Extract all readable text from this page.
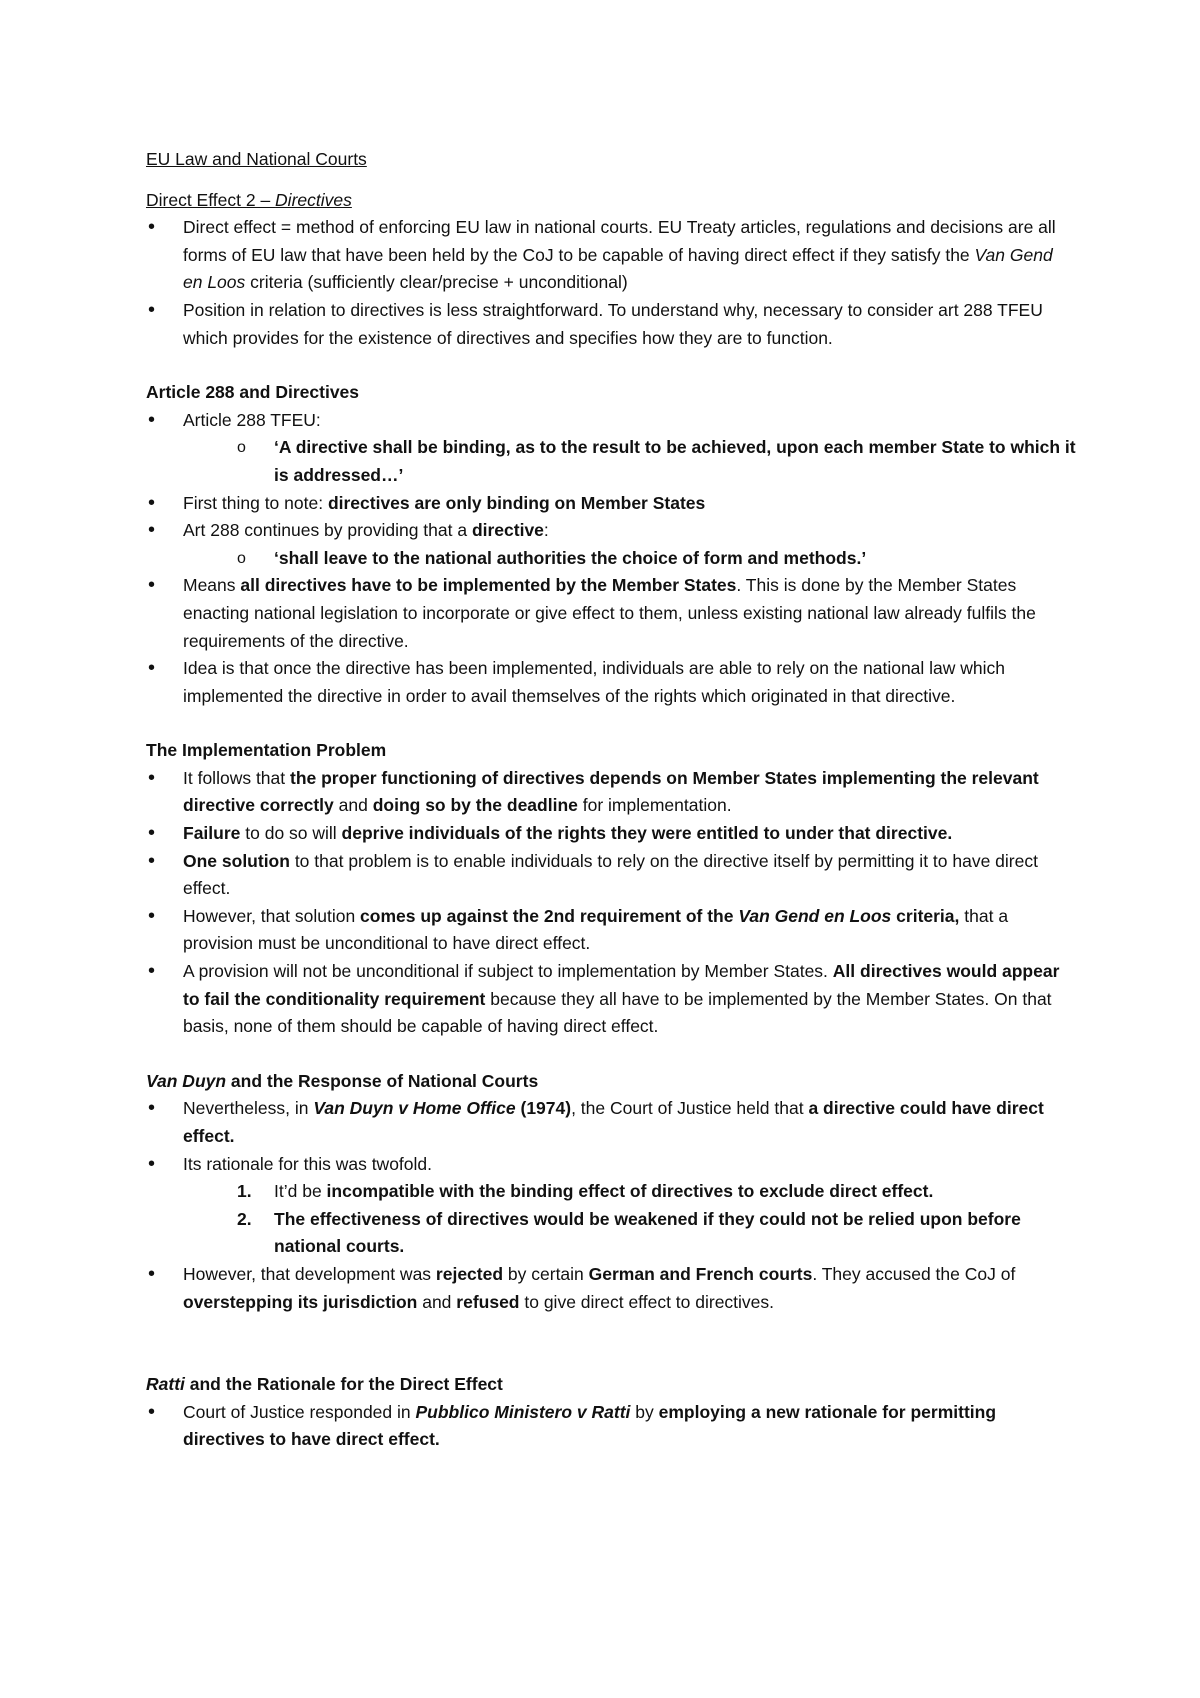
EU Law and National Courts

Direct Effect 2 – Directives

• Direct effect = method of enforcing EU law in national courts. EU Treaty articles, regulations and decisions are all forms of EU law that have been held by the CoJ to be capable of having direct effect if they satisfy the Van Gend en Loos criteria (sufficiently clear/precise + unconditional)
• Position in relation to directives is less straightforward. To understand why, necessary to consider art 288 TFEU which provides for the existence of directives and specifies how they are to function.

Article 288 and Directives

• Article 288 TFEU:
o ‘A directive shall be binding, as to the result to be achieved, upon each member State to which it is addressed…’
• First thing to note: directives are only binding on Member States
• Art 288 continues by providing that a directive:
o ‘shall leave to the national authorities the choice of form and methods.’
• Means all directives have to be implemented by the Member States. This is done by the Member States enacting national legislation to incorporate or give effect to them, unless existing national law already fulfils the requirements of the directive.
• Idea is that once the directive has been implemented, individuals are able to rely on the national law which implemented the directive in order to avail themselves of the rights which originated in that directive.

The Implementation Problem

• It follows that the proper functioning of directives depends on Member States implementing the relevant directive correctly and doing so by the deadline for implementation.
• Failure to do so will deprive individuals of the rights they were entitled to under that directive.
• One solution to that problem is to enable individuals to rely on the directive itself by permitting it to have direct effect.
• However, that solution comes up against the 2nd requirement of the Van Gend en Loos criteria, that a provision must be unconditional to have direct effect.
• A provision will not be unconditional if subject to implementation by Member States. All directives would appear to fail the conditionality requirement because they all have to be implemented by the Member States. On that basis, none of them should be capable of having direct effect.

Van Duyn and the Response of National Courts

• Nevertheless, in Van Duyn v Home Office (1974), the Court of Justice held that a directive could have direct effect.
• Its rationale for this was twofold.
1. It’d be incompatible with the binding effect of directives to exclude direct effect.
2. The effectiveness of directives would be weakened if they could not be relied upon before national courts.
• However, that development was rejected by certain German and French courts. They accused the CoJ of overstepping its jurisdiction and refused to give direct effect to directives.

Ratti and the Rationale for the Direct Effect

• Court of Justice responded in Pubblico Ministero v Ratti by employing a new rationale for permitting directives to have direct effect.
